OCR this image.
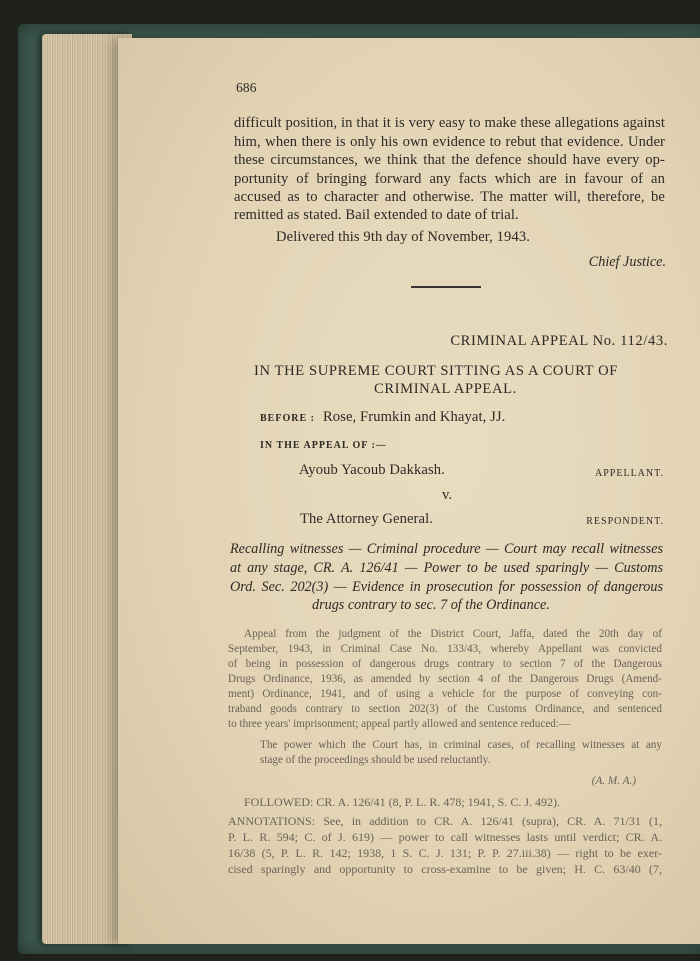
686
difficult position, in that it is very easy to make these allegations against
him, when there is only his own evidence to rebut that evidence. Under
these circumstances, we think that the defence should have every op-
portunity of bringing forward any facts which are in favour of an
accused as to character and otherwise. The matter will, therefore, be
remitted as stated. Bail extended to date of trial.
Delivered this 9th day of November, 1943.
Chief Justice.
CRIMINAL APPEAL No. 112/43.
IN THE SUPREME COURT SITTING AS A COURT OF
CRIMINAL APPEAL.
BEFORE : Rose, Frumkin and Khayat, JJ.
IN THE APPEAL OF :—
Ayoub Yacoub Dakkash.	APPELLANT.
v.
The Attorney General.	RESPONDENT.
Recalling witnesses — Criminal procedure — Court may recall witnesses
at any stage, CR. A. 126/41 — Power to be used sparingly — Customs
Ord. Sec. 202(3) — Evidence in prosecution for possession of dangerous
drugs contrary to sec. 7 of the Ordinance.
Appeal from the judgment of the District Court, Jaffa, dated the 20th day of
September, 1943, in Criminal Case No. 133/43, whereby Appellant was convicted
of being in possession of dangerous drugs contrary to section 7 of the Dangerous
Drugs Ordinance, 1936, as amended by section 4 of the Dangerous Drugs (Amend-
ment) Ordinance, 1941, and of using a vehicle for the purpose of conveying con-
traband goods contrary to section 202(3) of the Customs Ordinance, and sentenced
to three years' imprisonment; appeal partly allowed and sentence reduced:—
The power which the Court has, in criminal cases, of recalling witnesses at any
stage of the proceedings should be used reluctantly.
(A. M. A.)
FOLLOWED: CR. A. 126/41 (8, P. L. R. 478; 1941, S. C. J. 492).
ANNOTATIONS: See, in addition to CR. A. 126/41 (supra), CR. A. 71/31 (1,
P. L. R. 594; C. of J. 619) — power to call witnesses lasts until verdict; CR. A.
16/38 (5, P. L. R. 142; 1938, 1 S. C. J. 131; P. P. 27.iii.38) — right to be exer-
cised sparingly and opportunity to cross-examine to be given; H. C. 63/40 (7,
